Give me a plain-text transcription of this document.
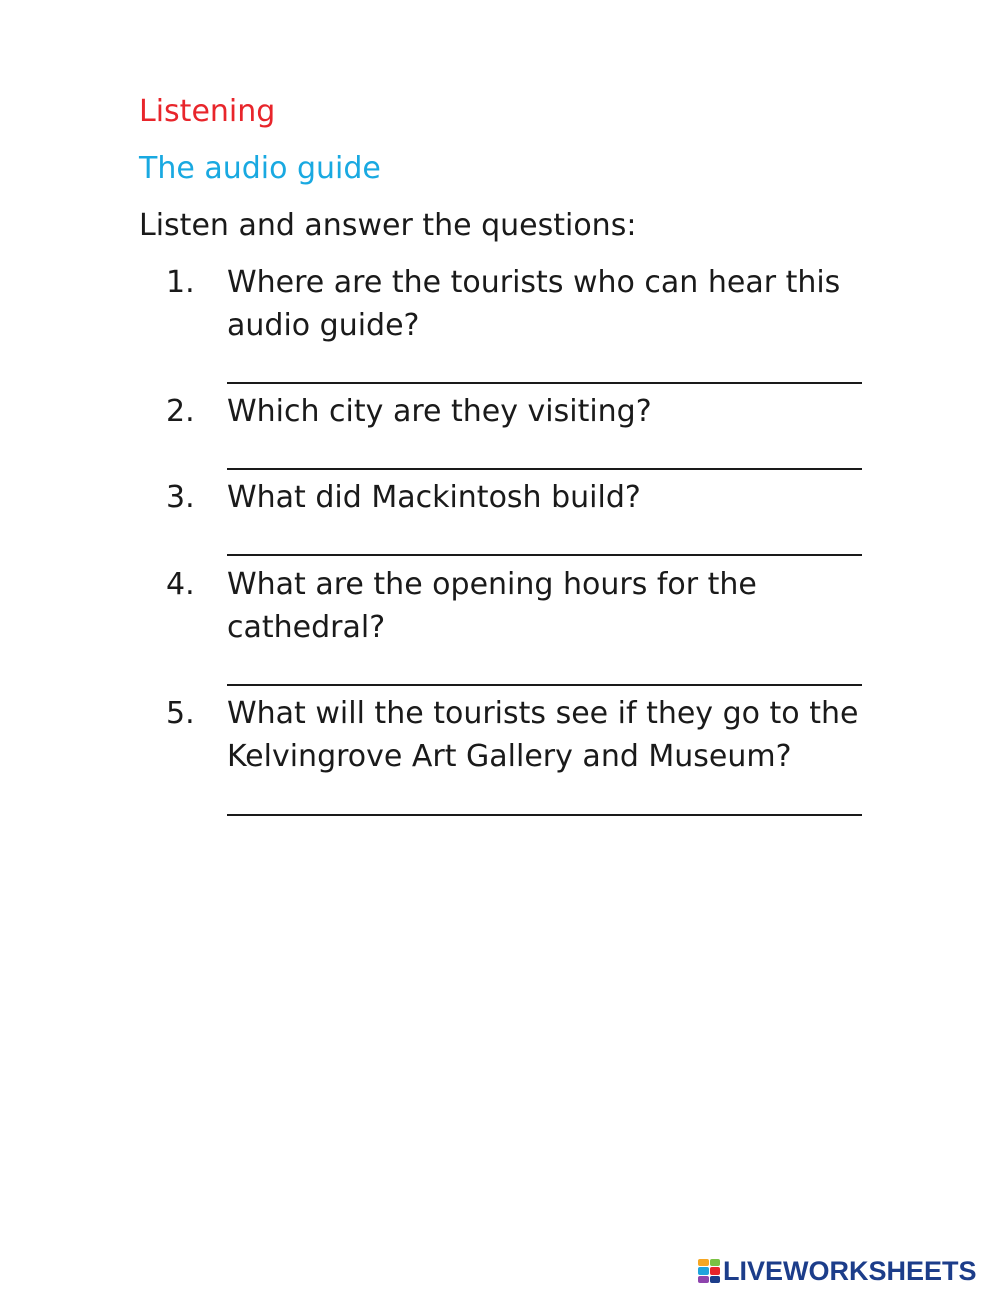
Listening
The audio guide
Listen and answer the questions:
1. Where are the tourists who can hear this audio guide?
2. Which city are they visiting?
3. What did Mackintosh build?
4. What are the opening hours for the cathedral?
5. What will the tourists see if they go to the Kelvingrove Art Gallery and Museum?
LIVEWORKSHEETS
